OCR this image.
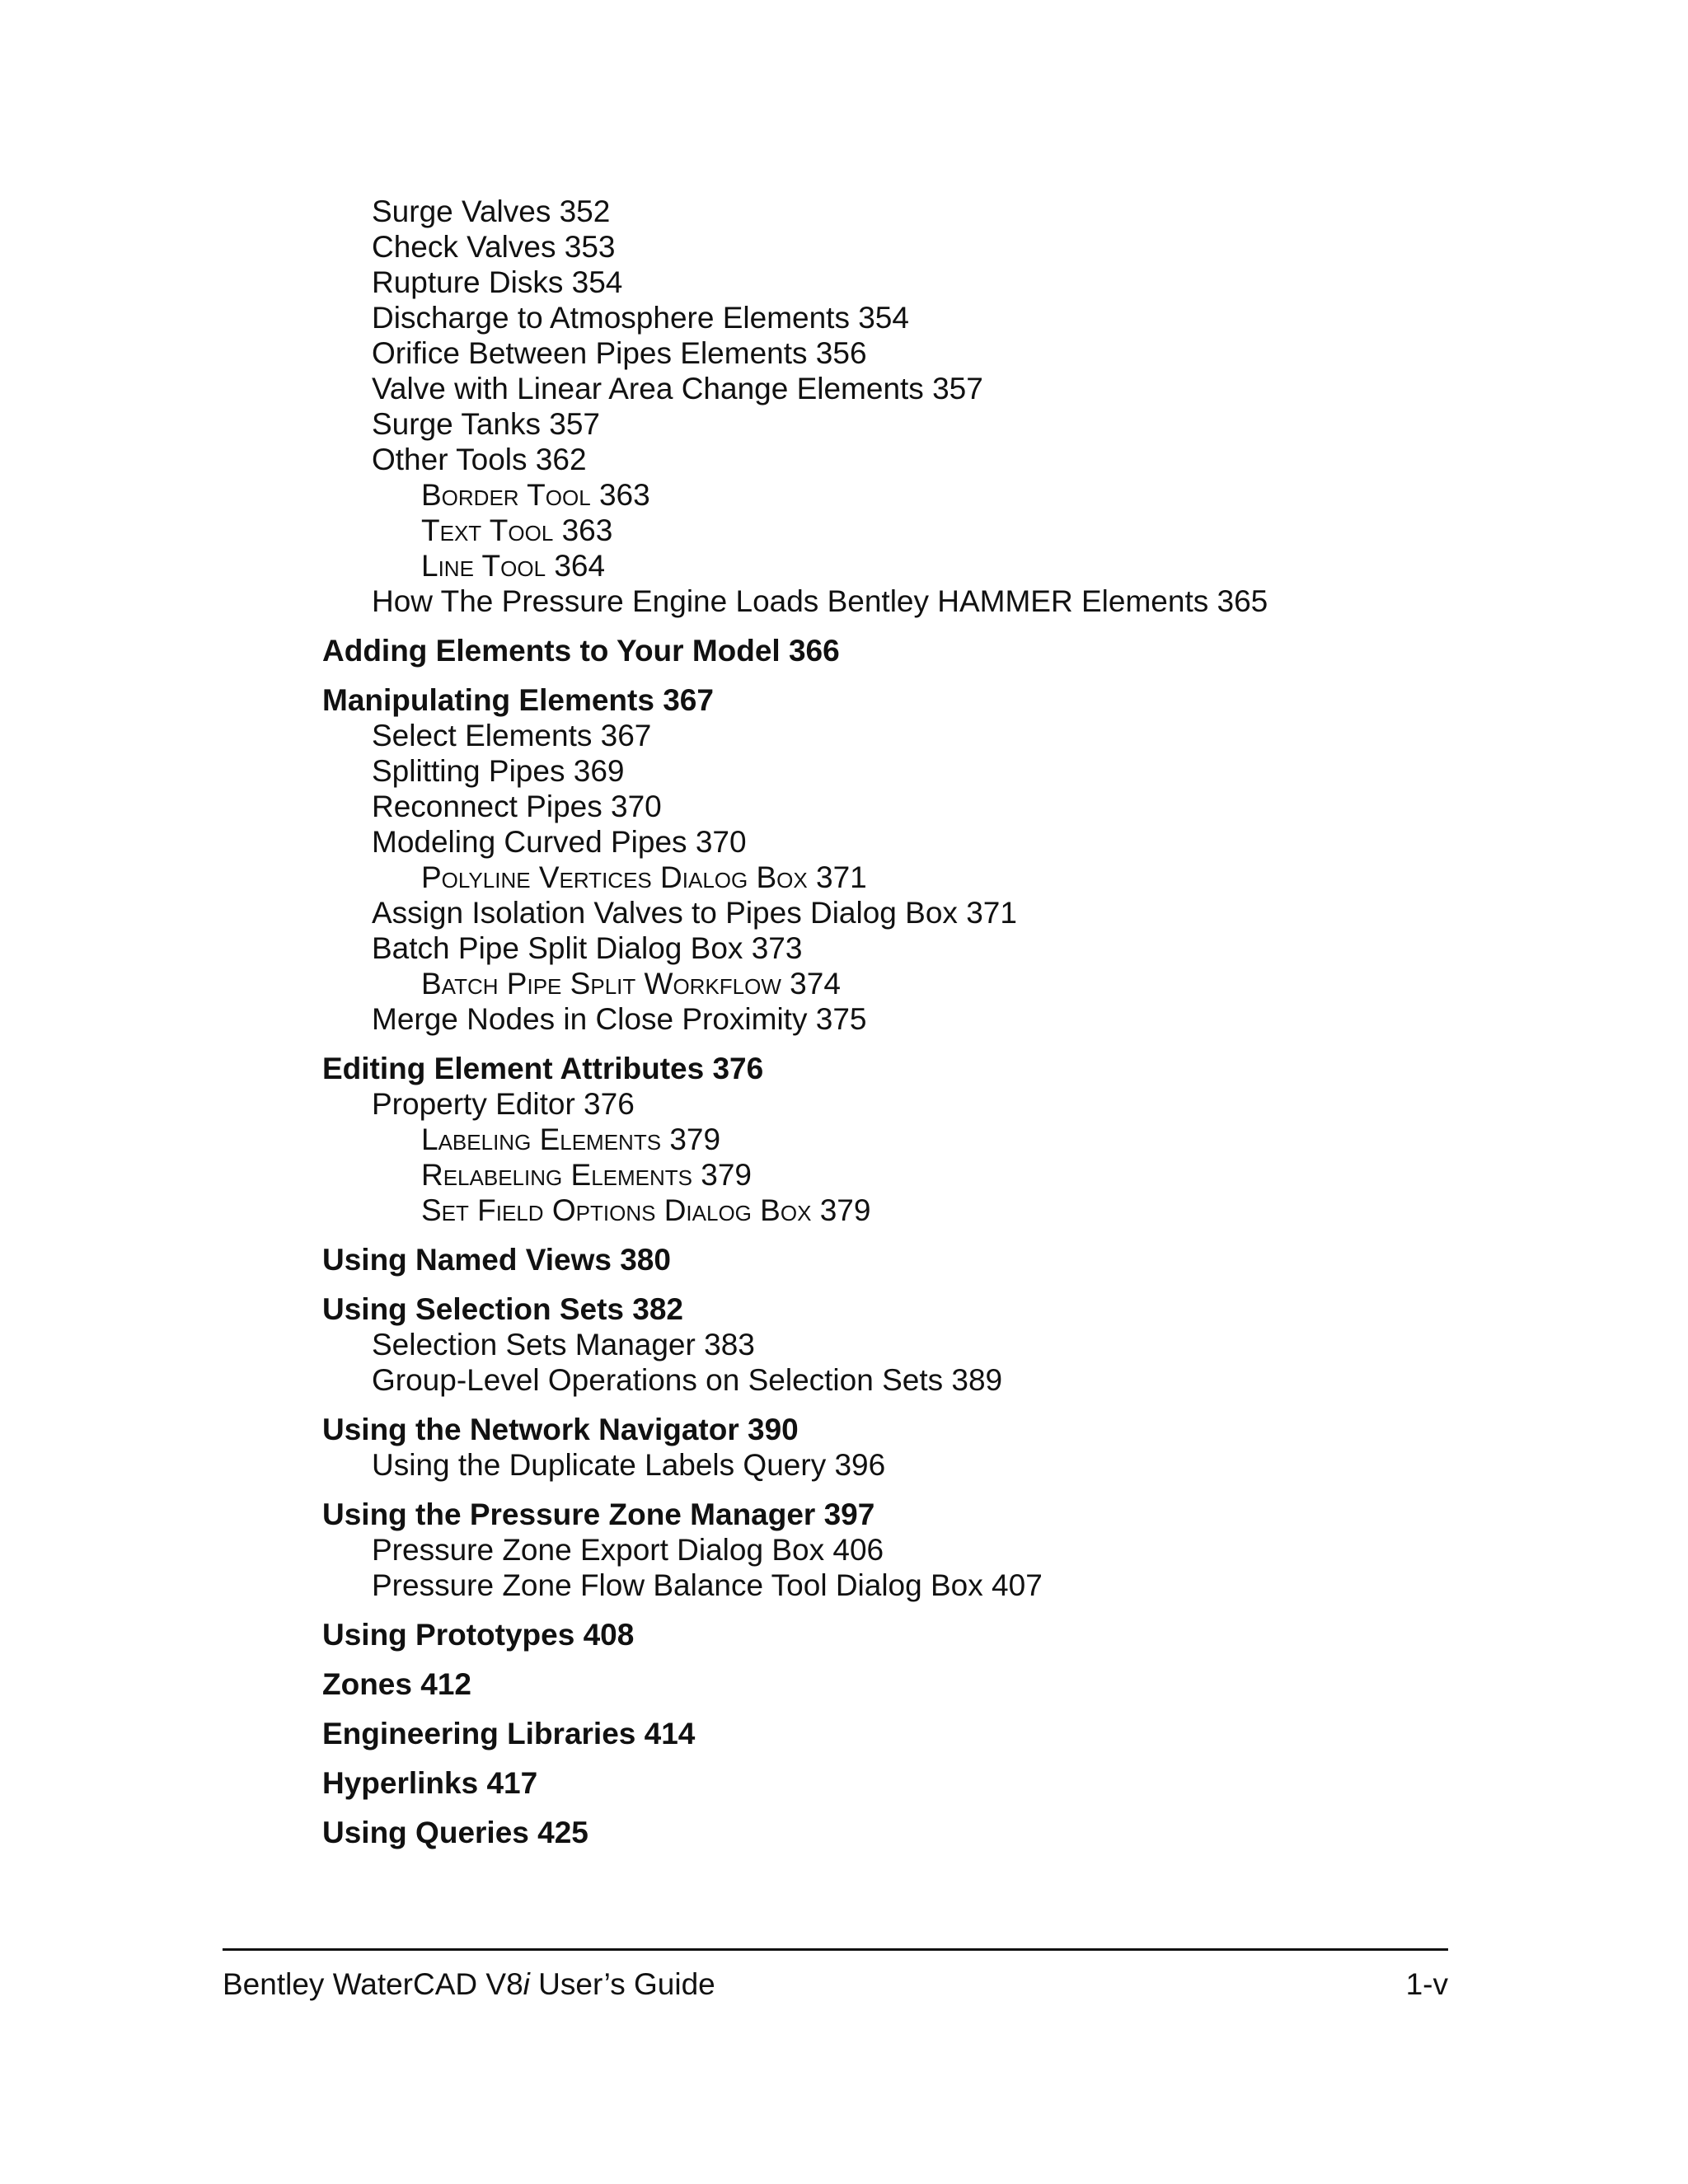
Surge Valves 352
Check Valves 353
Rupture Disks 354
Discharge to Atmosphere Elements 354
Orifice Between Pipes Elements 356
Valve with Linear Area Change Elements 357
Surge Tanks 357
Other Tools 362
Border Tool 363
Text Tool 363
Line Tool 364
How The Pressure Engine Loads Bentley HAMMER Elements 365
Adding Elements to Your Model 366
Manipulating Elements 367
Select Elements 367
Splitting Pipes 369
Reconnect Pipes 370
Modeling Curved Pipes 370
Polyline Vertices Dialog Box 371
Assign Isolation Valves to Pipes Dialog Box 371
Batch Pipe Split Dialog Box 373
Batch Pipe Split Workflow 374
Merge Nodes in Close Proximity 375
Editing Element Attributes 376
Property Editor 376
Labeling Elements 379
Relabeling Elements 379
Set Field Options Dialog Box 379
Using Named Views 380
Using Selection Sets 382
Selection Sets Manager 383
Group-Level Operations on Selection Sets 389
Using the Network Navigator 390
Using the Duplicate Labels Query 396
Using the Pressure Zone Manager 397
Pressure Zone Export Dialog Box 406
Pressure Zone Flow Balance Tool Dialog Box 407
Using Prototypes 408
Zones 412
Engineering Libraries 414
Hyperlinks 417
Using Queries 425
Bentley WaterCAD V8i User’s Guide	1-v
